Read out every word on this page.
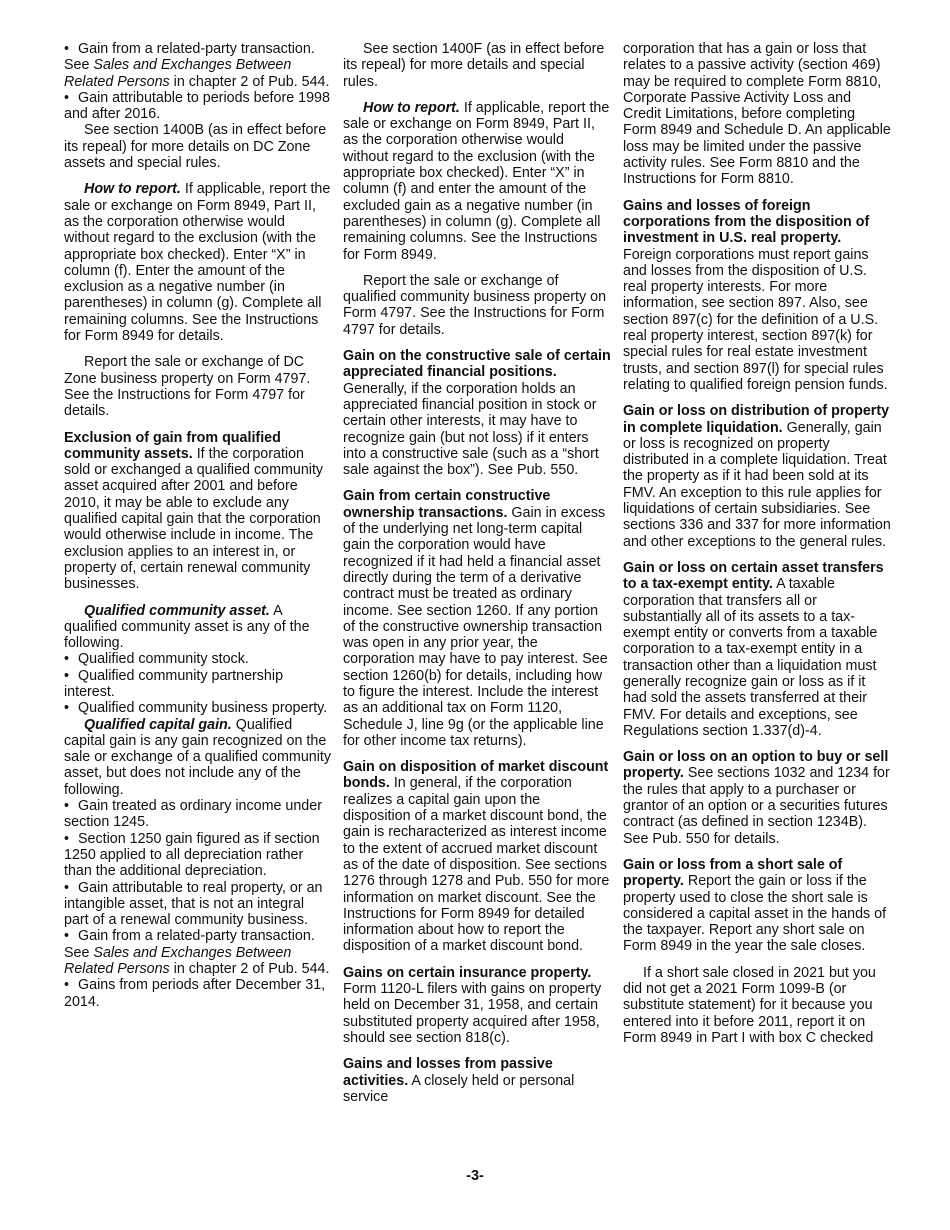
• Gain from a related-party transaction. See Sales and Exchanges Between Related Persons in chapter 2 of Pub. 544.

• Gain attributable to periods before 1998 and after 2016.

See section 1400B (as in effect before its repeal) for more details on DC Zone assets and special rules.

How to report. If applicable, report the sale or exchange on Form 8949, Part II, as the corporation otherwise would without regard to the exclusion (with the appropriate box checked). Enter “X” in column (f). Enter the amount of the exclusion as a negative number (in parentheses) in column (g). Complete all remaining columns. See the Instructions for Form 8949 for details.

Report the sale or exchange of DC Zone business property on Form 4797. See the Instructions for Form 4797 for details.

Exclusion of gain from qualified community assets. If the corporation sold or exchanged a qualified community asset acquired after 2001 and before 2010, it may be able to exclude any qualified capital gain that the corporation would otherwise include in income. The exclusion applies to an interest in, or property of, certain renewal community businesses.

Qualified community asset. A qualified community asset is any of the following.

• Qualified community stock.

• Qualified community partnership interest.

• Qualified community business property.

Qualified capital gain. Qualified capital gain is any gain recognized on the sale or exchange of a qualified community asset, but does not include any of the following.

• Gain treated as ordinary income under section 1245.

• Section 1250 gain figured as if section 1250 applied to all depreciation rather than the additional depreciation.

• Gain attributable to real property, or an intangible asset, that is not an integral part of a renewal community business.

• Gain from a related-party transaction. See Sales and Exchanges Between Related Persons in chapter 2 of Pub. 544.

• Gains from periods after December 31, 2014.

See section 1400F (as in effect before its repeal) for more details and special rules.

How to report. If applicable, report the sale or exchange on Form 8949, Part II, as the corporation otherwise would without regard to the exclusion (with the appropriate box checked). Enter “X” in column (f) and enter the amount of the excluded gain as a negative number (in parentheses) in column (g). Complete all remaining columns. See the Instructions for Form 8949.

Report the sale or exchange of qualified community business property on Form 4797. See the Instructions for Form 4797 for details.

Gain on the constructive sale of certain appreciated financial positions. Generally, if the corporation holds an appreciated financial position in stock or certain other interests, it may have to recognize gain (but not loss) if it enters into a constructive sale (such as a “short sale against the box”). See Pub. 550.

Gain from certain constructive ownership transactions. Gain in excess of the underlying net long-term capital gain the corporation would have recognized if it had held a financial asset directly during the term of a derivative contract must be treated as ordinary income. See section 1260. If any portion of the constructive ownership transaction was open in any prior year, the corporation may have to pay interest. See section 1260(b) for details, including how to figure the interest. Include the interest as an additional tax on Form 1120, Schedule J, line 9g (or the applicable line for other income tax returns).

Gain on disposition of market discount bonds. In general, if the corporation realizes a capital gain upon the disposition of a market discount bond, the gain is recharacterized as interest income to the extent of accrued market discount as of the date of disposition. See sections 1276 through 1278 and Pub. 550 for more information on market discount. See the Instructions for Form 8949 for detailed information about how to report the disposition of a market discount bond.

Gains on certain insurance property. Form 1120-L filers with gains on property held on December 31, 1958, and certain substituted property acquired after 1958, should see section 818(c).

Gains and losses from passive activities. A closely held or personal service

corporation that has a gain or loss that relates to a passive activity (section 469) may be required to complete Form 8810, Corporate Passive Activity Loss and Credit Limitations, before completing Form 8949 and Schedule D. An applicable loss may be limited under the passive activity rules. See Form 8810 and the Instructions for Form 8810.

Gains and losses of foreign corporations from the disposition of investment in U.S. real property. Foreign corporations must report gains and losses from the disposition of U.S. real property interests. For more information, see section 897. Also, see section 897(c) for the definition of a U.S. real property interest, section 897(k) for special rules for real estate investment trusts, and section 897(l) for special rules relating to qualified foreign pension funds.

Gain or loss on distribution of property in complete liquidation. Generally, gain or loss is recognized on property distributed in a complete liquidation. Treat the property as if it had been sold at its FMV. An exception to this rule applies for liquidations of certain subsidiaries. See sections 336 and 337 for more information and other exceptions to the general rules.

Gain or loss on certain asset transfers to a tax-exempt entity. A taxable corporation that transfers all or substantially all of its assets to a tax-exempt entity or converts from a taxable corporation to a tax-exempt entity in a transaction other than a liquidation must generally recognize gain or loss as if it had sold the assets transferred at their FMV. For details and exceptions, see Regulations section 1.337(d)-4.

Gain or loss on an option to buy or sell property. See sections 1032 and 1234 for the rules that apply to a purchaser or grantor of an option or a securities futures contract (as defined in section 1234B). See Pub. 550 for details.

Gain or loss from a short sale of property. Report the gain or loss if the property used to close the short sale is considered a capital asset in the hands of the taxpayer. Report any short sale on Form 8949 in the year the sale closes.

If a short sale closed in 2021 but you did not get a 2021 Form 1099-B (or substitute statement) for it because you entered into it before 2011, report it on Form 8949 in Part I with box C checked

-3-
